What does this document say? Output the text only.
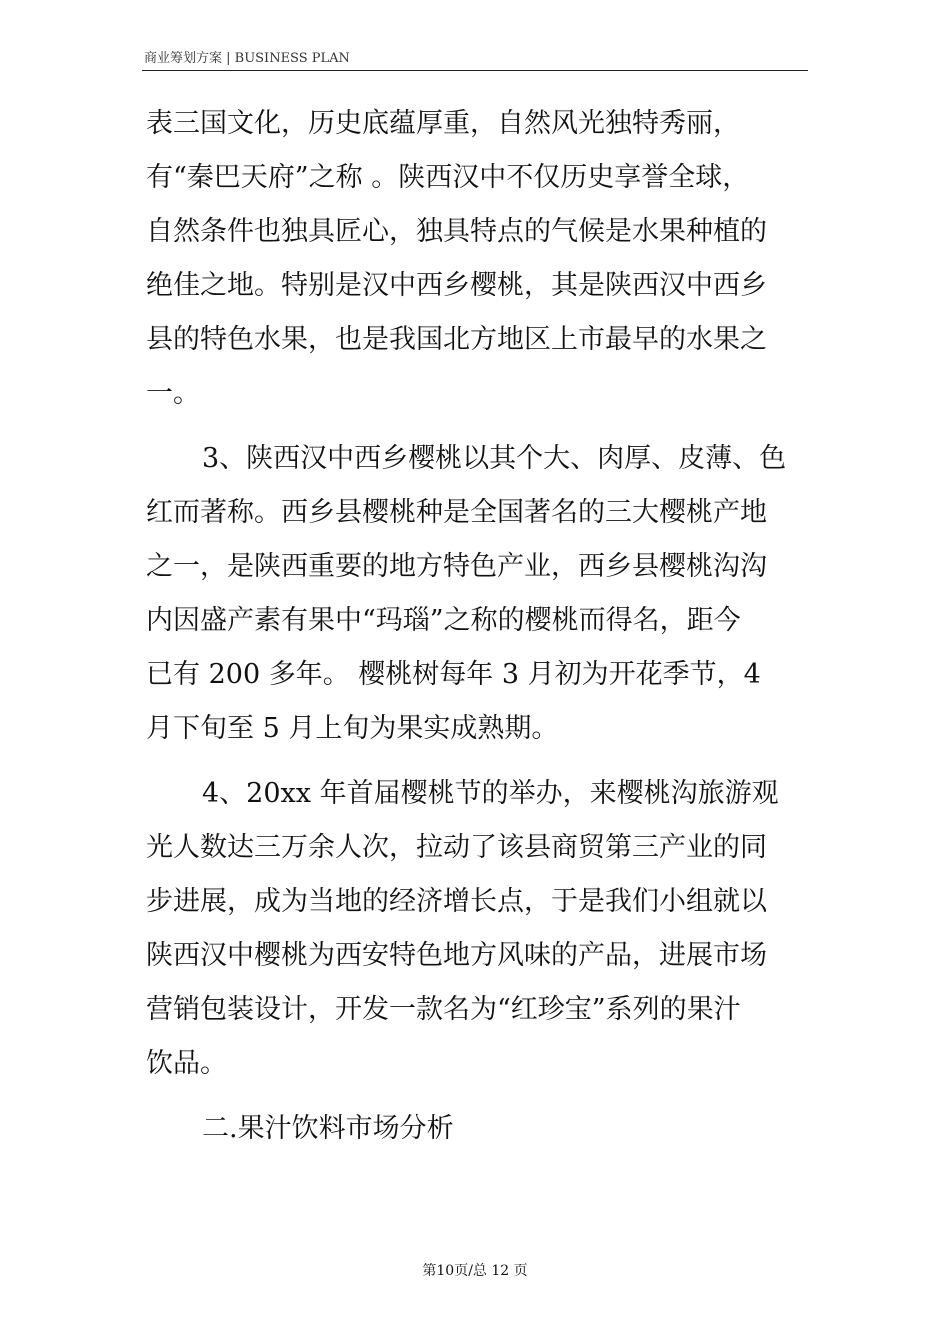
商业筹划方案 | BUSINESS PLAN
表三国文化，历史底蕴厚重，自然风光独特秀丽，
有“秦巴天府”之称 。陕西汉中不仅历史享誉全球，
自然条件也独具匠心，独具特点的气候是水果种植的
绝佳之地。特别是汉中西乡樱桃，其是陕西汉中西乡
县的特色水果，也是我国北方地区上市最早的水果之
一。
3、陕西汉中西乡樱桃以其个大、肉厚、皮薄、色
红而著称。西乡县樱桃种是全国著名的三大樱桃产地
之一，是陕西重要的地方特色产业，西乡县樱桃沟沟
内因盛产素有果中“玛瑙”之称的樱桃而得名，距今
已有 200 多年。 樱桃树每年 3 月初为开花季节，4
月下旬至 5 月上旬为果实成熟期。
4、20xx 年首届樱桃节的举办，来樱桃沟旅游观
光人数达三万余人次，拉动了该县商贸第三产业的同
步进展，成为当地的经济增长点，于是我们小组就以
陕西汉中樱桃为西安特色地方风味的产品，进展市场
营销包装设计，开发一款名为“红珍宝”系列的果汁
饮品。
二.果汁饮料市场分析
第10页/总 12 页
